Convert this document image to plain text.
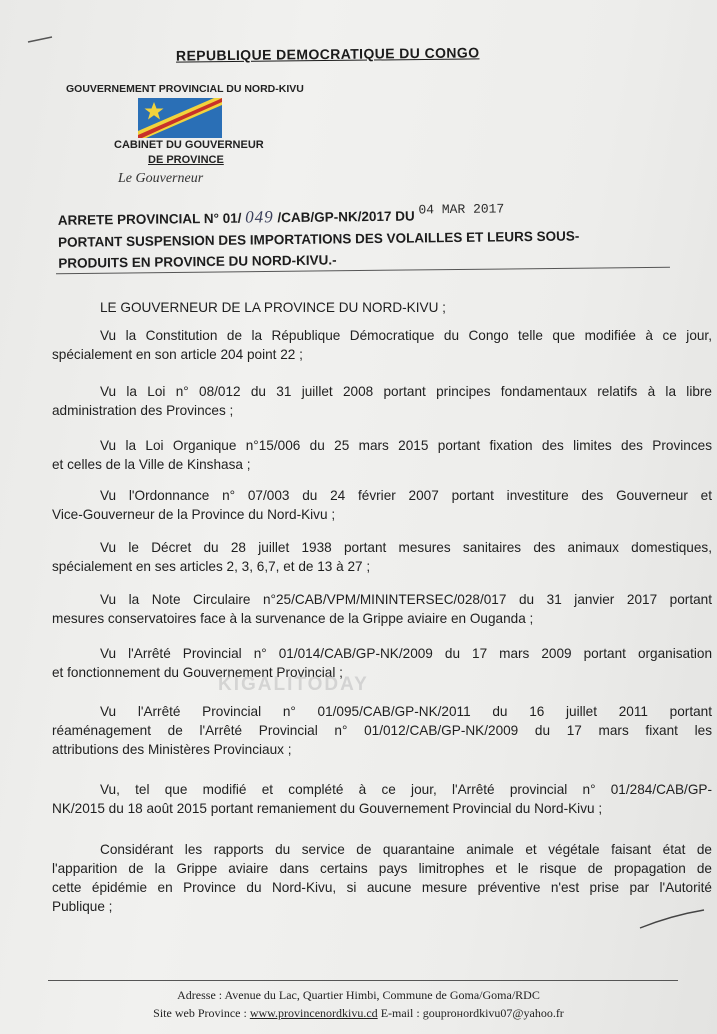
REPUBLIQUE DEMOCRATIQUE DU CONGO
GOUVERNEMENT PROVINCIAL DU NORD-KIVU
CABINET DU GOUVERNEUR
DE PROVINCE
Le Gouverneur
ARRETE PROVINCIAL N° 01/ 049 /CAB/GP-NK/2017 DU 04 MAR 2017
PORTANT SUSPENSION DES IMPORTATIONS DES VOLAILLES ET LEURS SOUS-
PRODUITS EN PROVINCE DU NORD-KIVU.-
LE GOUVERNEUR DE LA PROVINCE DU NORD-KIVU ;
Vu la Constitution de la République Démocratique du Congo telle que modifiée à ce jour,
spécialement en son article 204 point 22 ;
Vu la Loi n° 08/012 du 31 juillet 2008 portant principes fondamentaux relatifs à la libre
administration des Provinces ;
Vu la Loi Organique n°15/006 du 25 mars 2015 portant fixation des limites des Provinces
et celles de la Ville de Kinshasa ;
Vu l'Ordonnance n° 07/003 du 24 février 2007 portant investiture des Gouverneur et
Vice-Gouverneur de la Province du Nord-Kivu ;
Vu le Décret du 28 juillet 1938 portant mesures sanitaires des animaux domestiques,
spécialement en ses articles 2, 3, 6,7, et de 13 à 27 ;
Vu la Note Circulaire n°25/CAB/VPM/MININTERSEC/028/017 du 31 janvier 2017 portant
mesures conservatoires face à la survenance de la Grippe aviaire en Ouganda ;
Vu l'Arrêté Provincial n° 01/014/CAB/GP-NK/2009 du 17 mars 2009 portant organisation
et fonctionnement du Gouvernement Provincial ;
Vu l'Arrêté Provincial n° 01/095/CAB/GP-NK/2011 du 16 juillet 2011 portant
réaménagement de l'Arrêté Provincial n° 01/012/CAB/GP-NK/2009 du 17 mars fixant les
attributions des Ministères Provinciaux ;
Vu, tel que modifié et complété à ce jour, l'Arrêté provincial n° 01/284/CAB/GP-
NK/2015 du 18 août 2015 portant remaniement du Gouvernement Provincial du Nord-Kivu ;
Considérant les rapports du service de quarantaine animale et végétale faisant état de
l'apparition de la Grippe aviaire dans certains pays limitrophes et le risque de propagation de
cette épidémie en Province du Nord-Kivu, si aucune mesure préventive n'est prise par l'Autorité
Publique ;
KIGALITODAY
Adresse : Avenue du Lac, Quartier Himbi, Commune de Goma/Goma/RDC
Site web Province : www.provincenordkivu.cd E-mail : gouprонordkivu07@yahoo.fr
